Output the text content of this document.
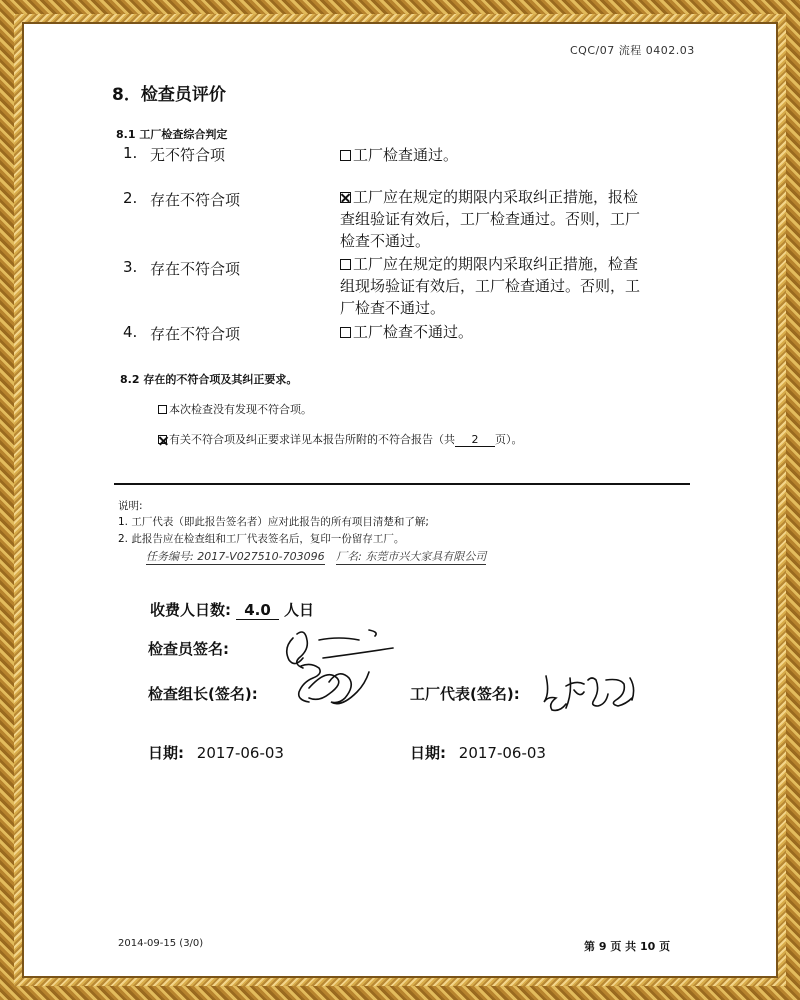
CQC/07 流程 0402.03
8．检查员评价
8.1 工厂检查综合判定
1. 无不符合项	工厂检查通过。
2. 存在不符合项	工厂应在规定的期限内采取纠正措施，报检
查组验证有效后，工厂检查通过。否则，工厂
检查不通过。
3. 存在不符合项	工厂应在规定的期限内采取纠正措施，检查
组现场验证有效后，工厂检查通过。否则，工
厂检查不通过。
4. 存在不符合项	工厂检查不通过。
8.2 存在的不符合项及其纠正要求。
本次检查没有发现不符合项。
有关不符合项及纠正要求详见本报告所附的不符合报告（共 2 页）。
说明:
1. 工厂代表（即此报告签名者）应对此报告的所有项目清楚和了解;
2. 此报告应在检查组和工厂代表签名后，复印一份留存工厂。
任务编号: 2017-V027510-703096 厂名: 东莞市兴大家具有限公司
收费人日数: 4.0 人日
检查员签名:
检查组长(签名):	工厂代表(签名):
日期: 2017-06-03	日期: 2017-06-03
2014-09-15 (3/0)	第 9 页 共 10 页
